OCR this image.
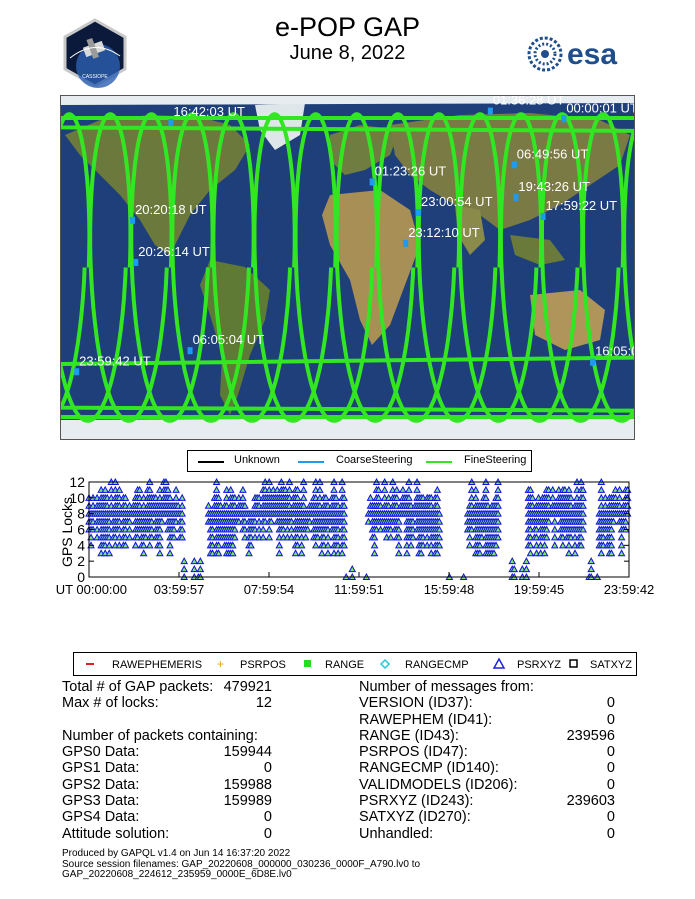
e-POP GAP
June 8, 2022
CASSIOPE
esa
16:42:03 UT
01:36:28 UT
00:00:01 UT
06:49:56 UT
01:23:26 UT
19:43:26 UT
23:00:54 UT
20:20:18 UT	17:59:22 UT
23:12:10 UT
20:26:14 UT
06:05:04 UT
16:05:04 UT
23:59:42 UT
Unknown	CoarseSteering	FineSteering
GPS Locks
0
2
4
6
8
10
12
UT 00:00:00 03:59:57	07:59:54	11:59:51	15:59:48	19:59:45	23:59:42
RAWEPHEMERIS + PSRPOS	RANGE	RANGECMP	PSRXYZ	SATXYZ
Total # of GAP packets: 479921
Max # of locks:	12
Number of packets containing:
GPS0 Data:	159944
GPS1 Data:	0
GPS2 Data:	159988
GPS3 Data:	159989
GPS4 Data:	0
Attitude solution:	0
Number of messages from:
VERSION (ID37):	0
RAWEPHEM (ID41):	0
RANGE (ID43):	239596
PSRPOS (ID47):	0
RANGECMP (ID140):	0
VALIDMODELS (ID206):	0
PSRXYZ (ID243):	239603
SATXYZ (ID270):	0
Unhandled:	0
Produced by GAPQL v1.4 on Jun 14 16:37:20 2022
Source session filenames: GAP_20220608_000000_030236_0000F_A790.lv0 to
GAP_20220608_224612_235959_0000E_6D8E.lv0
